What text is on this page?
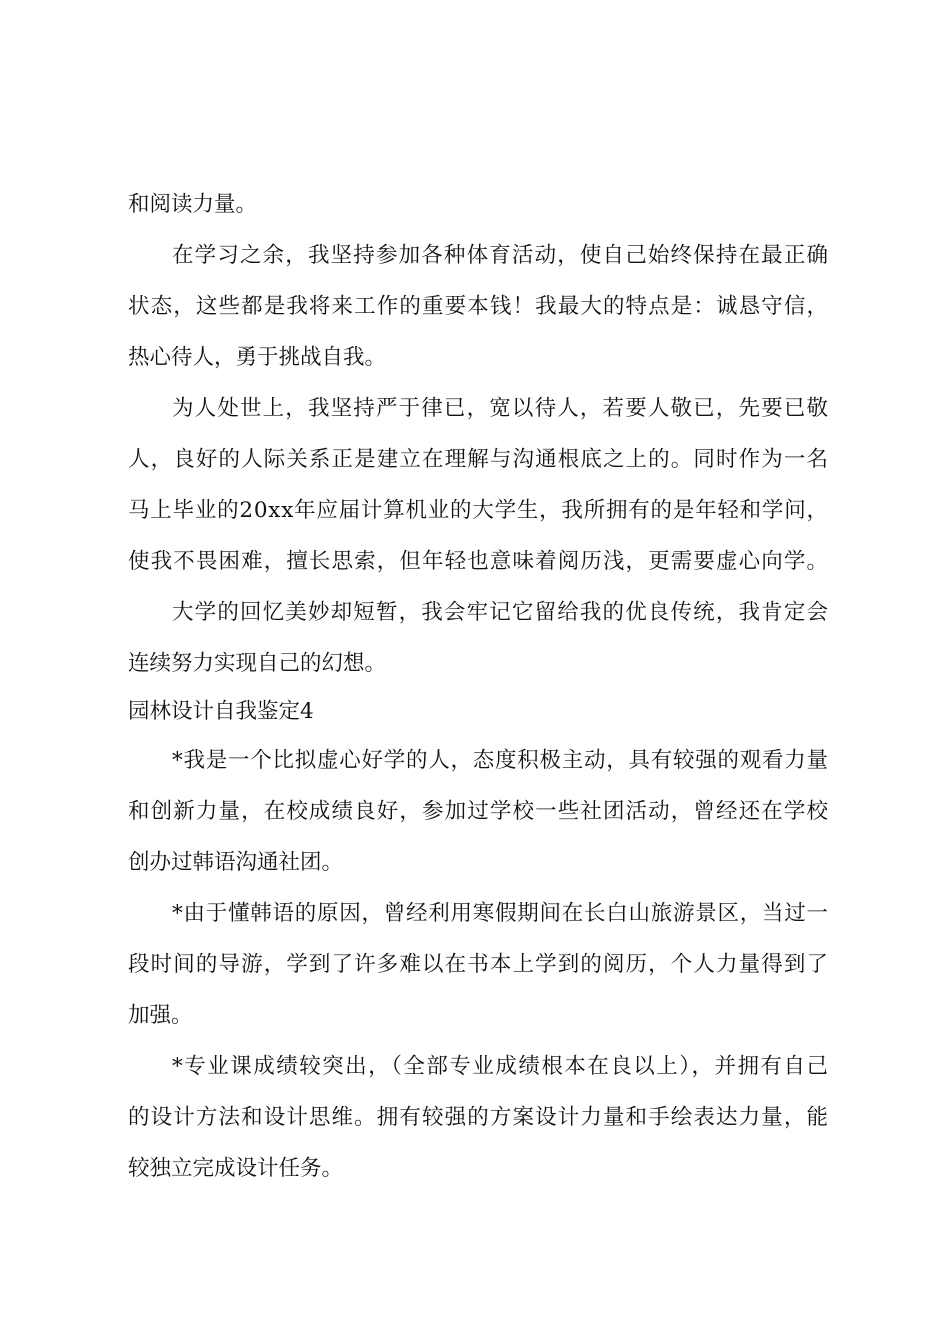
和阅读力量。
在学习之余，我坚持参加各种体育活动，使自己始终保持在最正确
状态，这些都是我将来工作的重要本钱！我最大的特点是：诚恳守信，
热心待人，勇于挑战自我。
为人处世上，我坚持严于律已，宽以待人，若要人敬已，先要已敬
人，良好的人际关系正是建立在理解与沟通根底之上的。同时作为一名
马上毕业的20xx年应届计算机业的大学生，我所拥有的是年轻和学问，
使我不畏困难，擅长思索，但年轻也意味着阅历浅，更需要虚心向学。
大学的回忆美妙却短暂，我会牢记它留给我的优良传统，我肯定会
连续努力实现自己的幻想。
园林设计自我鉴定4
*我是一个比拟虚心好学的人，态度积极主动，具有较强的观看力量
和创新力量，在校成绩良好，参加过学校一些社团活动，曾经还在学校
创办过韩语沟通社团。
*由于懂韩语的原因，曾经利用寒假期间在长白山旅游景区，当过一
段时间的导游，学到了许多难以在书本上学到的阅历，个人力量得到了
加强。
*专业课成绩较突出，（全部专业成绩根本在良以上），并拥有自己
的设计方法和设计思维。拥有较强的方案设计力量和手绘表达力量，能
较独立完成设计任务。
